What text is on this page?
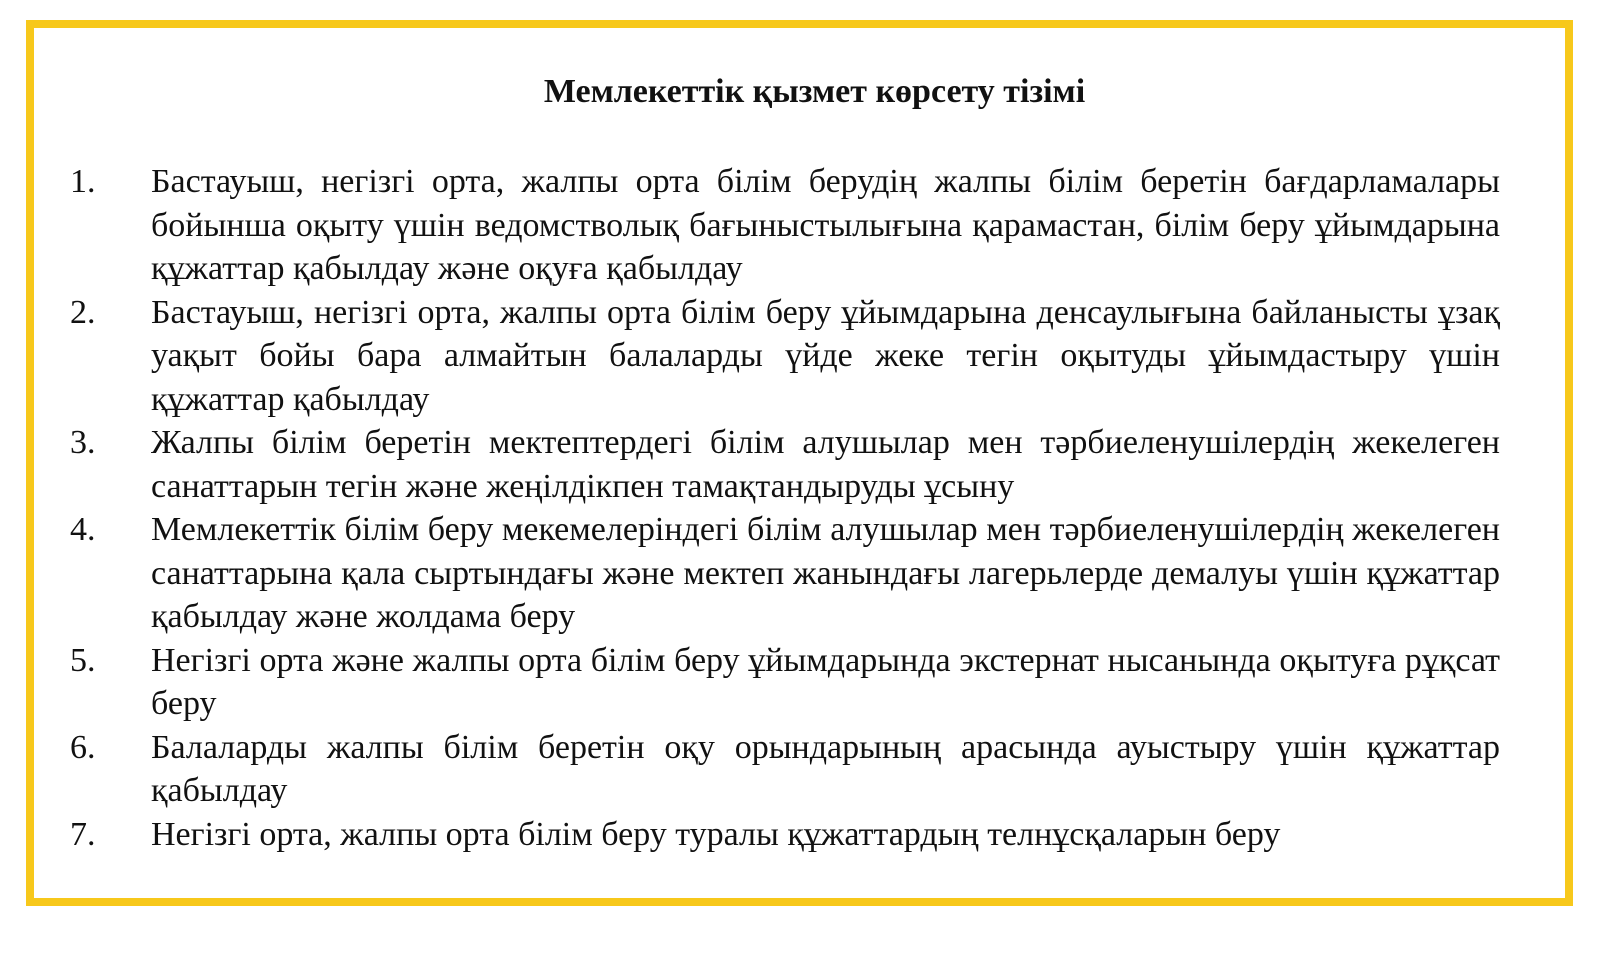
Мемлекеттік қызмет көрсету тізімі
1.	Бастауыш, негізгі орта, жалпы орта білім берудің жалпы білім беретін бағдарламалары бойынша оқыту үшін ведомстволық бағыныстылығына қарамастан, білім беру ұйымдарына құжаттар қабылдау және оқуға қабылдау
2.	Бастауыш, негізгі орта, жалпы орта білім беру ұйымдарына денсаулығына байланысты ұзақ уақыт бойы бара алмайтын балаларды үйде жеке тегін оқытуды ұйымдастыру үшін құжаттар қабылдау
3.	Жалпы білім беретін мектептердегі білім алушылар мен тәрбиеленушілердің жекелеген санаттарын тегін және жеңілдікпен тамақтандыруды ұсыну
4.	Мемлекеттік білім беру мекемелеріндегі білім алушылар мен тәрбиеленушілердің жекелеген санаттарына қала сыртындағы және мектеп жанындағы лагерьлерде демалуы үшін құжаттар қабылдау және жолдама беру
5.	Негізгі орта және жалпы орта білім беру ұйымдарында экстернат нысанында оқытуға рұқсат беру
6.	Балаларды жалпы білім беретін оқу орындарының арасында ауыстыру үшін құжаттар қабылдау
7.	Негізгі орта, жалпы орта білім беру туралы құжаттардың телнұсқаларын беру
